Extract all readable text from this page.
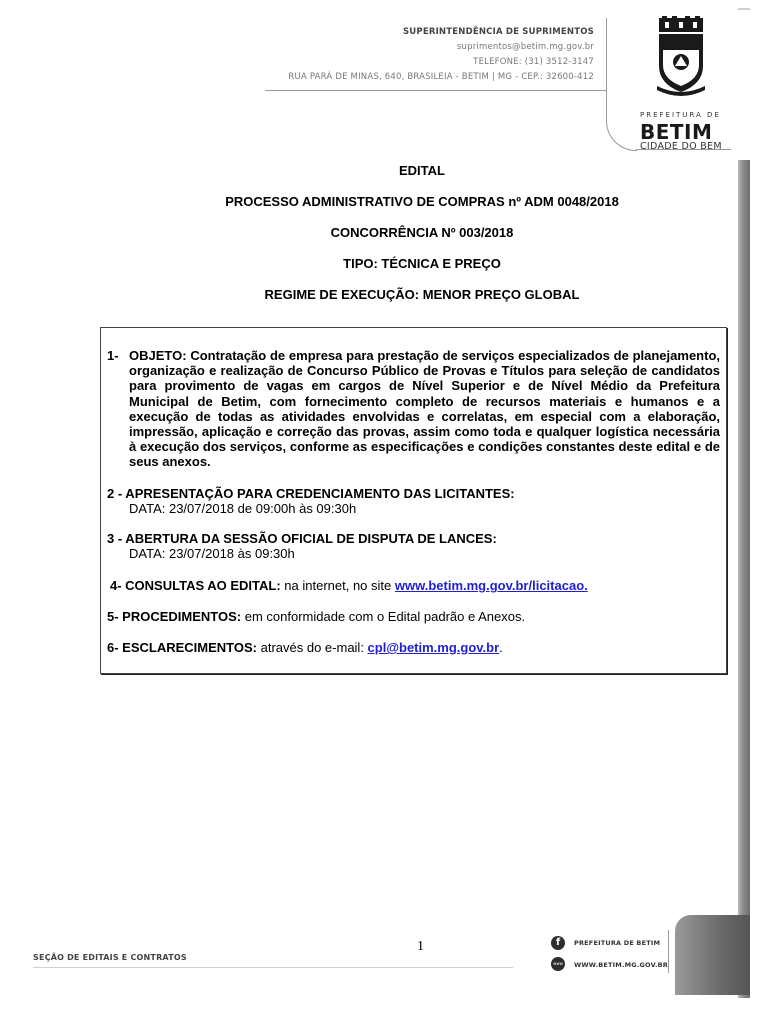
SUPERINTENDÊNCIA DE SUPRIMENTOS
suprimentos@betim.mg.gov.br
TELEFONE: (31) 3512-3147
RUA PARÁ DE MINAS, 640, BRASILEIA - BETIM | MG - CEP.: 32600-412
PREFEITURA DE
BETIM
CIDADE DO BEM
EDITAL
PROCESSO ADMINISTRATIVO DE COMPRAS nº ADM 0048/2018
CONCORRÊNCIA Nº 003/2018
TIPO: TÉCNICA E PREÇO
REGIME DE EXECUÇÃO: MENOR PREÇO GLOBAL
1- OBJETO: Contratação de empresa para prestação de serviços especializados de planejamento, organização e realização de Concurso Público de Provas e Títulos para seleção de candidatos para provimento de vagas em cargos de Nível Superior e de Nível Médio da Prefeitura Municipal de Betim, com fornecimento completo de recursos materiais e humanos e a execução de todas as atividades envolvidas e correlatas, em especial com a elaboração, impressão, aplicação e correção das provas, assim como toda e qualquer logística necessária à execução dos serviços, conforme as especificações e condições constantes deste edital e de seus anexos.
2 - APRESENTAÇÃO PARA CREDENCIAMENTO DAS LICITANTES:
DATA: 23/07/2018 de 09:00h às 09:30h
3 - ABERTURA DA SESSÃO OFICIAL DE DISPUTA DE LANCES:
DATA: 23/07/2018 às 09:30h
4- CONSULTAS AO EDITAL: na internet, no site www.betim.mg.gov.br/licitacao.
5- PROCEDIMENTOS: em conformidade com o Edital padrão e Anexos.
6- ESCLARECIMENTOS: através do e-mail: cpl@betim.mg.gov.br.
1
SEÇÃO DE EDITAIS E CONTRATOS
f	PREFEITURA DE BETIM
www	WWW.BETIM.MG.GOV.BR
